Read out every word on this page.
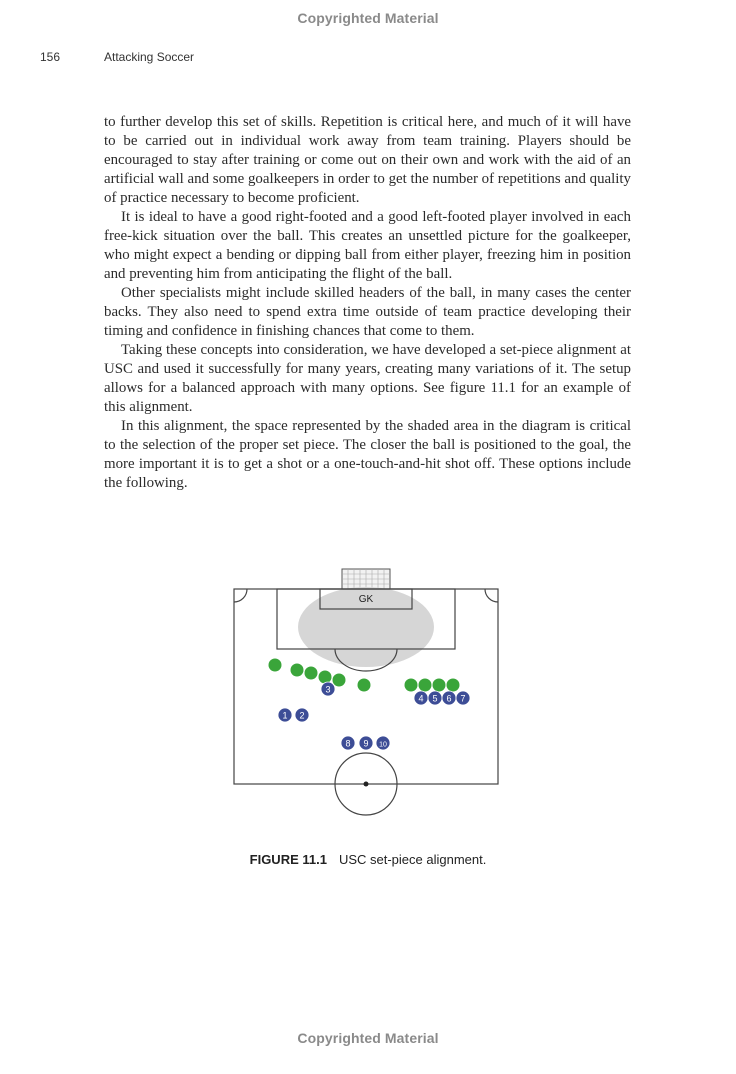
Copyrighted Material
156	Attacking Soccer

to further develop this set of skills. Repetition is critical here, and much of it will have to be carried out in individual work away from team training. Players should be encouraged to stay after training or come out on their own and work with the aid of an artificial wall and some goalkeepers in order to get the number of repetitions and quality of practice necessary to become proficient.

It is ideal to have a good right-footed and a good left-footed player involved in each free-kick situation over the ball. This creates an unsettled picture for the goalkeeper, who might expect a bending or dipping ball from either player, freezing him in position and preventing him from anticipating the flight of the ball.

Other specialists might include skilled headers of the ball, in many cases the center backs. They also need to spend extra time outside of team practice developing their timing and confidence in finishing chances that come to them.

Taking these concepts into consideration, we have developed a set-piece alignment at USC and used it successfully for many years, creating many variations of it. The setup allows for a balanced approach with many options. See figure 11.1 for an example of this alignment.

In this alignment, the space represented by the shaded area in the diagram is critical to the selection of the proper set piece. The closer the ball is positioned to the goal, the more important it is to get a shot or a one-touch-and-hit shot off. These options include the following.

GK
1 2
3
4 5 6 7
8 9 10
FIGURE 11.1 USC set-piece alignment.
Copyrighted Material
